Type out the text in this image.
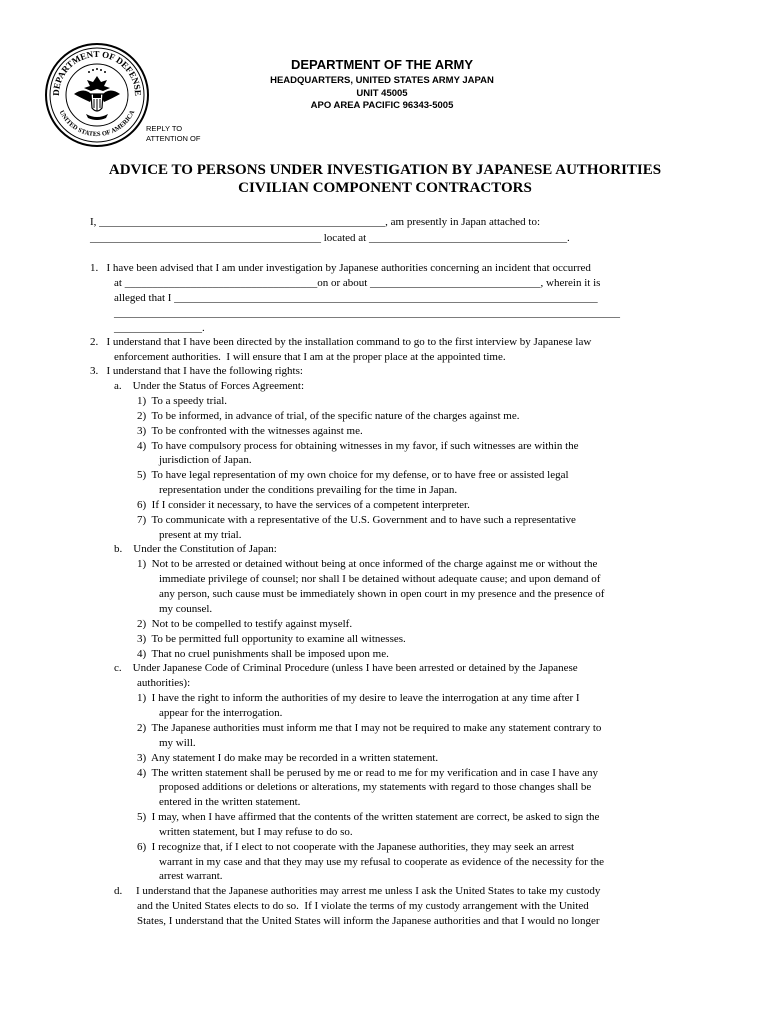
DEPARTMENT OF DEFENSE
UNITED STATES OF AMERICA
DEPARTMENT OF THE ARMY
HEADQUARTERS, UNITED STATES ARMY JAPAN
UNIT 45005
APO AREA PACIFIC 96343-5005
REPLY TO
ATTENTION OF
ADVICE TO PERSONS UNDER INVESTIGATION BY JAPANESE AUTHORITIES
CIVILIAN COMPONENT CONTRACTORS
I, ____________________________________________________, am presently in Japan attached to:
__________________________________________ located at ____________________________________.
1.   I have been advised that I am under investigation by Japanese authorities concerning an incident that occurred
at ___________________________________on or about _______________________________, wherein it is
alleged that I _____________________________________________________________________________
____________________________________________________________________________________________
________________.
2.   I understand that I have been directed by the installation command to go to the first interview by Japanese law
enforcement authorities.  I will ensure that I am at the proper place at the appointed time.
3.   I understand that I have the following rights:
a.    Under the Status of Forces Agreement:
1)  To a speedy trial.
2)  To be informed, in advance of trial, of the specific nature of the charges against me.
3)  To be confronted with the witnesses against me.
4)  To have compulsory process for obtaining witnesses in my favor, if such witnesses are within the
jurisdiction of Japan.
5)  To have legal representation of my own choice for my defense, or to have free or assisted legal
representation under the conditions prevailing for the time in Japan.
6)  If I consider it necessary, to have the services of a competent interpreter.
7)  To communicate with a representative of the U.S. Government and to have such a representative
present at my trial.
b.    Under the Constitution of Japan:
1)  Not to be arrested or detained without being at once informed of the charge against me or without the
immediate privilege of counsel; nor shall I be detained without adequate cause; and upon demand of
any person, such cause must be immediately shown in open court in my presence and the presence of
my counsel.
2)  Not to be compelled to testify against myself.
3)  To be permitted full opportunity to examine all witnesses.
4)  That no cruel punishments shall be imposed upon me.
c.    Under Japanese Code of Criminal Procedure (unless I have been arrested or detained by the Japanese
authorities):
1)  I have the right to inform the authorities of my desire to leave the interrogation at any time after I
appear for the interrogation.
2)  The Japanese authorities must inform me that I may not be required to make any statement contrary to
my will.
3)  Any statement I do make may be recorded in a written statement.
4)  The written statement shall be perused by me or read to me for my verification and in case I have any
proposed additions or deletions or alterations, my statements with regard to those changes shall be
entered in the written statement.
5)  I may, when I have affirmed that the contents of the written statement are correct, be asked to sign the
written statement, but I may refuse to do so.
6)  I recognize that, if I elect to not cooperate with the Japanese authorities, they may seek an arrest
warrant in my case and that they may use my refusal to cooperate as evidence of the necessity for the
arrest warrant.
d.     I understand that the Japanese authorities may arrest me unless I ask the United States to take my custody
and the United States elects to do so.  If I violate the terms of my custody arrangement with the United
States, I understand that the United States will inform the Japanese authorities and that I would no longer
